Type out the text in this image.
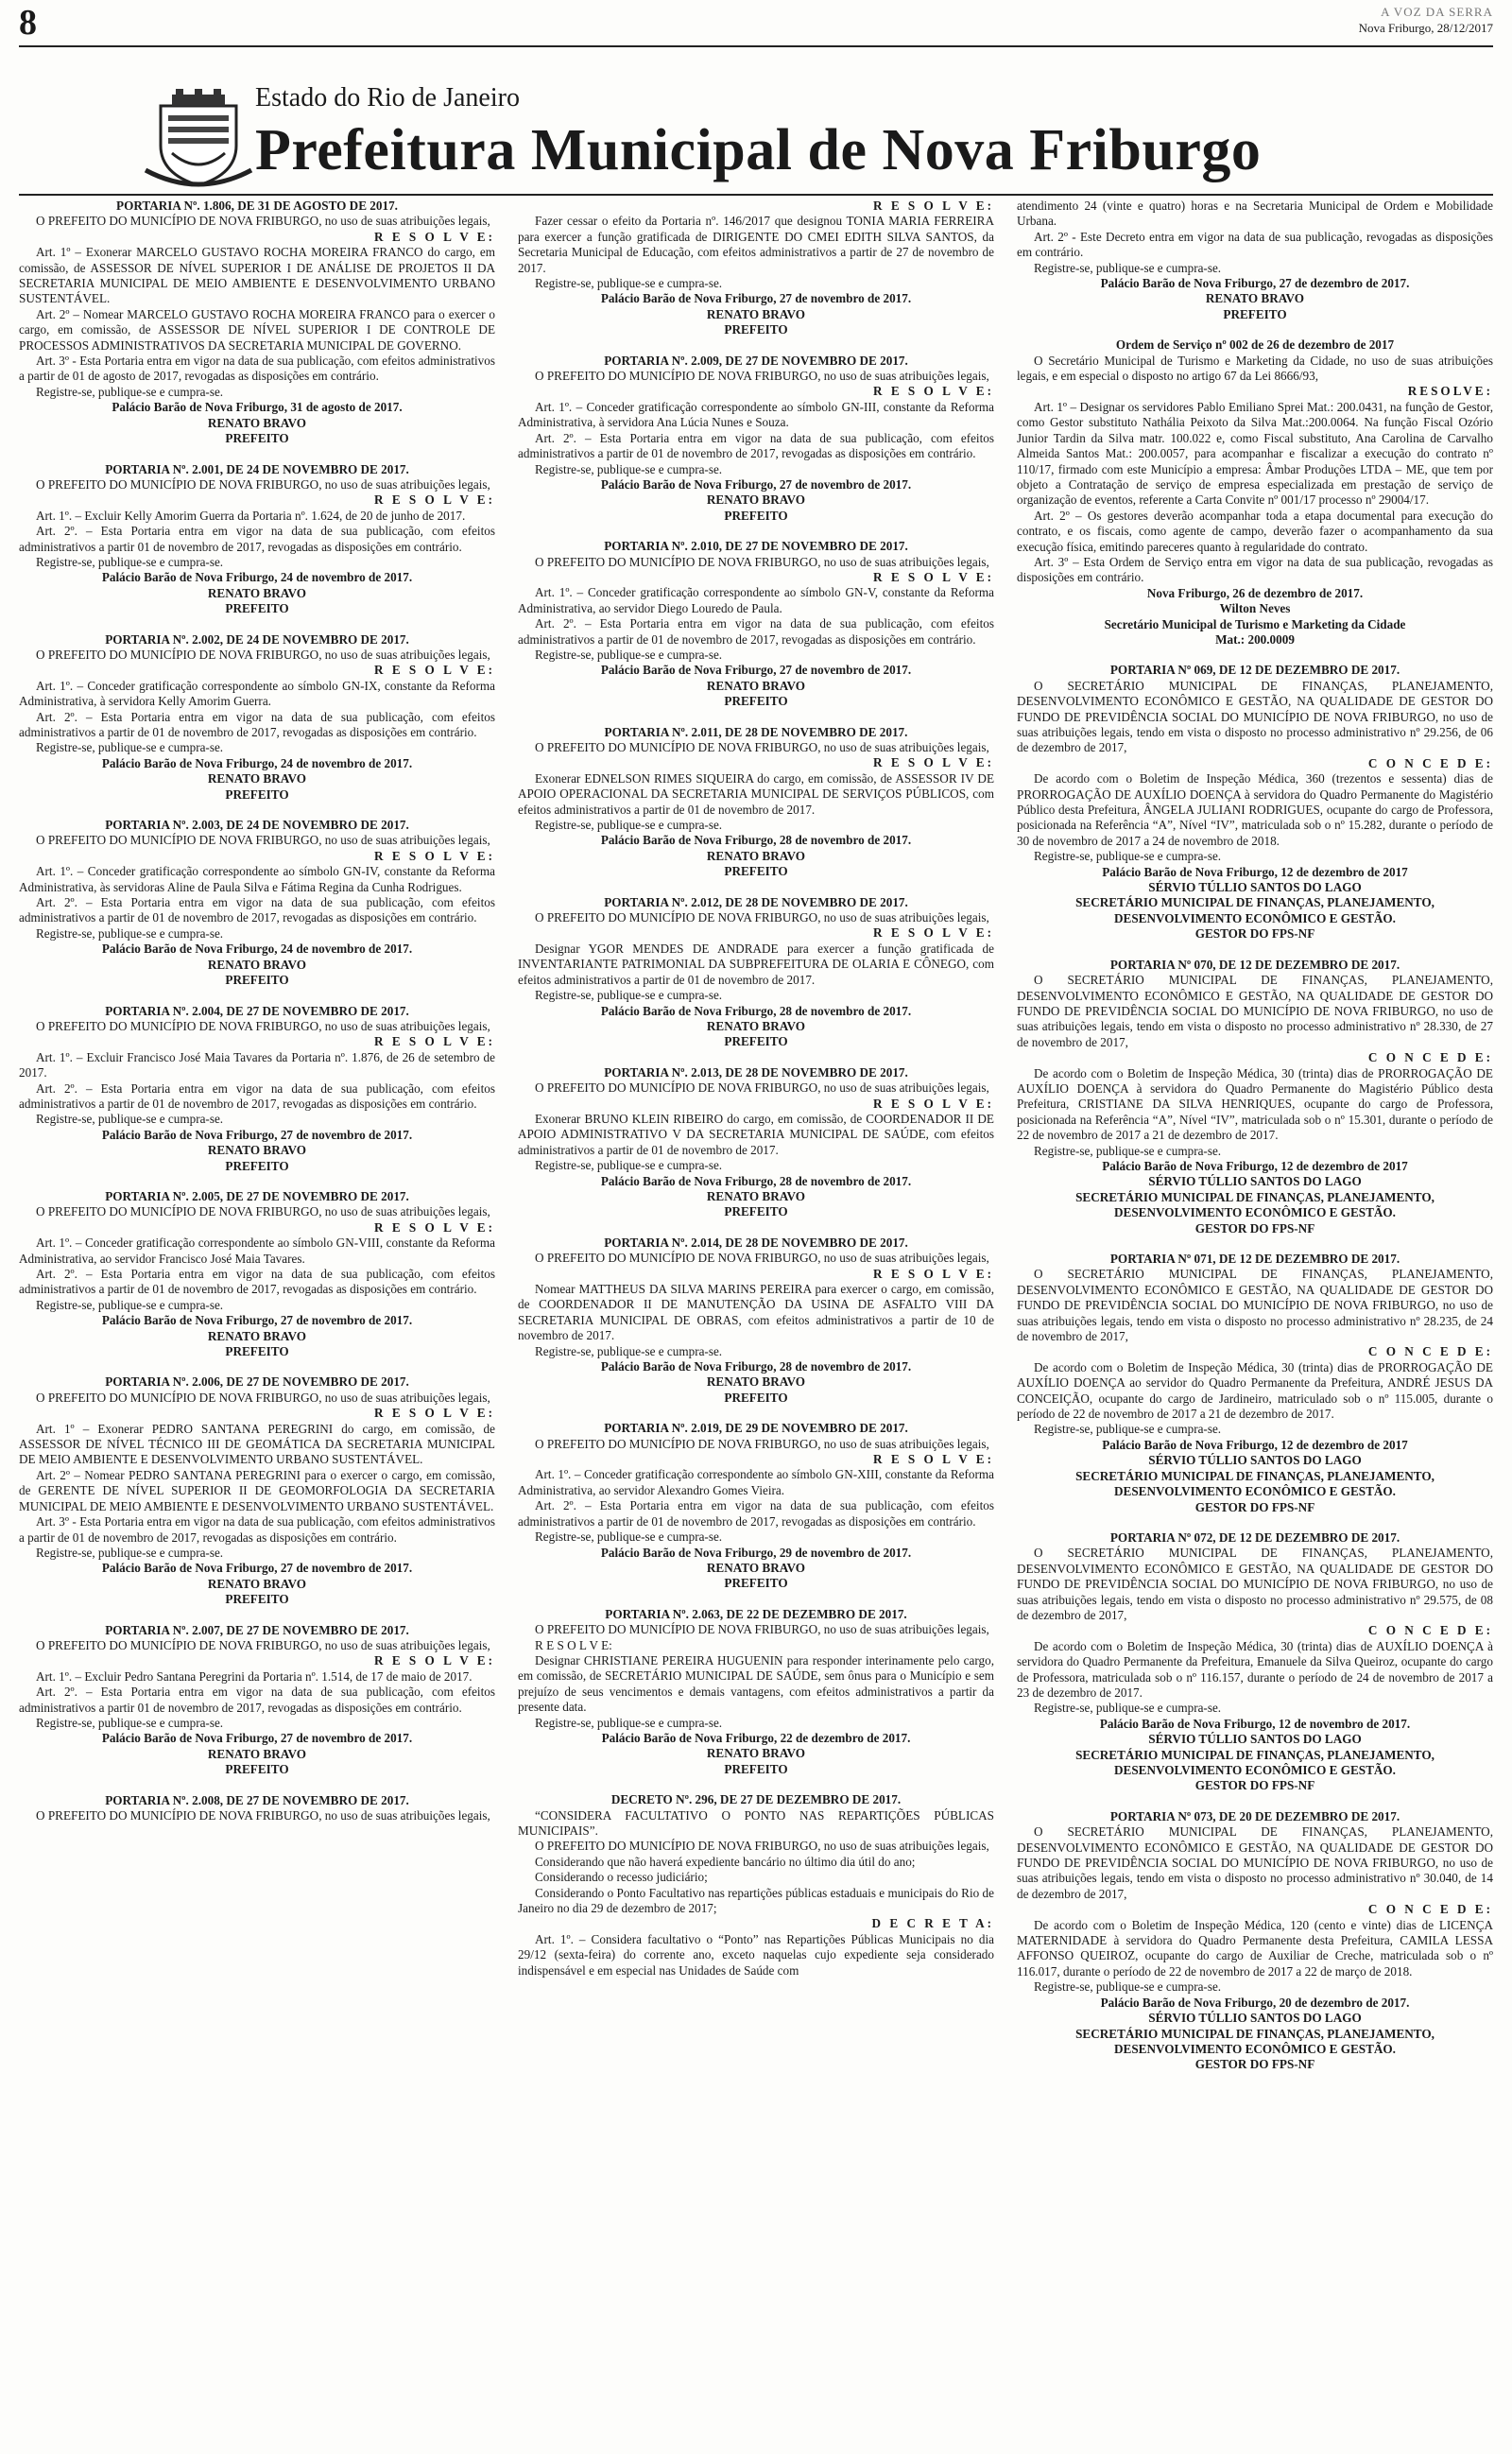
8	A VOZ DA SERRA
Nova Friburgo, 28/12/2017
Estado do Rio de Janeiro
Prefeitura Municipal de Nova Friburgo

PORTARIA Nº. 1.806, DE 31 DE AGOSTO DE 2017.

O PREFEITO DO MUNICÍPIO DE NOVA FRIBURGO, no uso de suas atribuições legais,

R E S O L V E:

Art. 1º – Exonerar MARCELO GUSTAVO ROCHA MOREIRA FRANCO do cargo, em comissão, de ASSESSOR DE NÍVEL SUPERIOR I DE ANÁLISE DE PROJETOS II DA SECRETARIA MUNICIPAL DE MEIO AMBIENTE E DESENVOLVIMENTO URBANO SUSTENTÁVEL.

Art. 2º – Nomear MARCELO GUSTAVO ROCHA MOREIRA FRANCO para o exercer o cargo, em comissão, de ASSESSOR DE NÍVEL SUPERIOR I DE CONTROLE DE PROCESSOS ADMINISTRATIVOS DA SECRETARIA MUNICIPAL DE GOVERNO.

Art. 3º - Esta Portaria entra em vigor na data de sua publicação, com efeitos administrativos a partir de 01 de agosto de 2017, revogadas as disposições em contrário.

Registre-se, publique-se e cumpra-se.

Palácio Barão de Nova Friburgo, 31 de agosto de 2017.

RENATO BRAVO

PREFEITO

PORTARIA Nº. 2.001, DE 24 DE NOVEMBRO DE 2017.

O PREFEITO DO MUNICÍPIO DE NOVA FRIBURGO, no uso de suas atribuições legais,

R E S O L V E:

Art. 1º. – Excluir Kelly Amorim Guerra da Portaria nº. 1.624, de 20 de junho de 2017.

Art. 2º. – Esta Portaria entra em vigor na data de sua publicação, com efeitos administrativos a partir 01 de novembro de 2017, revogadas as disposições em contrário.

Registre-se, publique-se e cumpra-se.

Palácio Barão de Nova Friburgo, 24 de novembro de 2017.

RENATO BRAVO

PREFEITO

PORTARIA Nº. 2.002, DE 24 DE NOVEMBRO DE 2017.

O PREFEITO DO MUNICÍPIO DE NOVA FRIBURGO, no uso de suas atribuições legais,

R E S O L V E:

Art. 1º. – Conceder gratificação correspondente ao símbolo GN-IX, constante da Reforma Administrativa, à servidora Kelly Amorim Guerra.

Art. 2º. – Esta Portaria entra em vigor na data de sua publicação, com efeitos administrativos a partir de 01 de novembro de 2017, revogadas as disposições em contrário.

Registre-se, publique-se e cumpra-se.

Palácio Barão de Nova Friburgo, 24 de novembro de 2017.

RENATO BRAVO

PREFEITO

PORTARIA Nº. 2.003, DE 24 DE NOVEMBRO DE 2017.

O PREFEITO DO MUNICÍPIO DE NOVA FRIBURGO, no uso de suas atribuições legais,

R E S O L V E:

Art. 1º. – Conceder gratificação correspondente ao símbolo GN-IV, constante da Reforma Administrativa, às servidoras Aline de Paula Silva e Fátima Regina da Cunha Rodrigues.

Art. 2º. – Esta Portaria entra em vigor na data de sua publicação, com efeitos administrativos a partir de 01 de novembro de 2017, revogadas as disposições em contrário.

Registre-se, publique-se e cumpra-se.

Palácio Barão de Nova Friburgo, 24 de novembro de 2017.

RENATO BRAVO

PREFEITO

PORTARIA Nº. 2.004, DE 27 DE NOVEMBRO DE 2017.

O PREFEITO DO MUNICÍPIO DE NOVA FRIBURGO, no uso de suas atribuições legais,

R E S O L V E:

Art. 1º. – Excluir Francisco José Maia Tavares da Portaria nº. 1.876, de 26 de setembro de 2017.

Art. 2º. – Esta Portaria entra em vigor na data de sua publicação, com efeitos administrativos a partir de 01 de novembro de 2017, revogadas as disposições em contrário.

Registre-se, publique-se e cumpra-se.

Palácio Barão de Nova Friburgo, 27 de novembro de 2017.

RENATO BRAVO

PREFEITO

PORTARIA Nº. 2.005, DE 27 DE NOVEMBRO DE 2017.

O PREFEITO DO MUNICÍPIO DE NOVA FRIBURGO, no uso de suas atribuições legais,

R E S O L V E:

Art. 1º. – Conceder gratificação correspondente ao símbolo GN-VIII, constante da Reforma Administrativa, ao servidor Francisco José Maia Tavares.

Art. 2º. – Esta Portaria entra em vigor na data de sua publicação, com efeitos administrativos a partir de 01 de novembro de 2017, revogadas as disposições em contrário.

Registre-se, publique-se e cumpra-se.

Palácio Barão de Nova Friburgo, 27 de novembro de 2017.

RENATO BRAVO

PREFEITO

PORTARIA Nº. 2.006, DE 27 DE NOVEMBRO DE 2017.

O PREFEITO DO MUNICÍPIO DE NOVA FRIBURGO, no uso de suas atribuições legais,

R E S O L V E:

Art. 1º – Exonerar PEDRO SANTANA PEREGRINI do cargo, em comissão, de ASSESSOR DE NÍVEL TÉCNICO III DE GEOMÁTICA DA SECRETARIA MUNICIPAL DE MEIO AMBIENTE E DESENVOLVIMENTO URBANO SUSTENTÁVEL.

Art. 2º – Nomear PEDRO SANTANA PEREGRINI para o exercer o cargo, em comissão, de GERENTE DE NÍVEL SUPERIOR II DE GEOMORFOLOGIA DA SECRETARIA MUNICIPAL DE MEIO AMBIENTE E DESENVOLVIMENTO URBANO SUSTENTÁVEL.

Art. 3º - Esta Portaria entra em vigor na data de sua publicação, com efeitos administrativos a partir de 01 de novembro de 2017, revogadas as disposições em contrário.

Registre-se, publique-se e cumpra-se.

Palácio Barão de Nova Friburgo, 27 de novembro de 2017.

RENATO BRAVO

PREFEITO

PORTARIA Nº. 2.007, DE 27 DE NOVEMBRO DE 2017.

O PREFEITO DO MUNICÍPIO DE NOVA FRIBURGO, no uso de suas atribuições legais,

R E S O L V E:

Art. 1º. – Excluir Pedro Santana Peregrini da Portaria nº. 1.514, de 17 de maio de 2017.

Art. 2º. – Esta Portaria entra em vigor na data de sua publicação, com efeitos administrativos a partir 01 de novembro de 2017, revogadas as disposições em contrário.

Registre-se, publique-se e cumpra-se.

Palácio Barão de Nova Friburgo, 27 de novembro de 2017.

RENATO BRAVO

PREFEITO

PORTARIA Nº. 2.008, DE 27 DE NOVEMBRO DE 2017.

O PREFEITO DO MUNICÍPIO DE NOVA FRIBURGO, no uso de suas atribuições legais,

R E S O L V E:

Fazer cessar o efeito da Portaria nº. 146/2017 que designou TONIA MARIA FERREIRA para exercer a função gratificada de DIRIGENTE DO CMEI EDITH SILVA SANTOS, da Secretaria Municipal de Educação, com efeitos administrativos a partir de 27 de novembro de 2017.

Registre-se, publique-se e cumpra-se.

Palácio Barão de Nova Friburgo, 27 de novembro de 2017.

RENATO BRAVO

PREFEITO

PORTARIA Nº. 2.009, DE 27 DE NOVEMBRO DE 2017.

O PREFEITO DO MUNICÍPIO DE NOVA FRIBURGO, no uso de suas atribuições legais,

R E S O L V E:

Art. 1º. – Conceder gratificação correspondente ao símbolo GN-III, constante da Reforma Administrativa, à servidora Ana Lúcia Nunes e Souza.

Art. 2º. – Esta Portaria entra em vigor na data de sua publicação, com efeitos administrativos a partir de 01 de novembro de 2017, revogadas as disposições em contrário.

Registre-se, publique-se e cumpra-se.

Palácio Barão de Nova Friburgo, 27 de novembro de 2017.

RENATO BRAVO

PREFEITO

PORTARIA Nº. 2.010, DE 27 DE NOVEMBRO DE 2017.

O PREFEITO DO MUNICÍPIO DE NOVA FRIBURGO, no uso de suas atribuições legais,

R E S O L V E:

Art. 1º. – Conceder gratificação correspondente ao símbolo GN-V, constante da Reforma Administrativa, ao servidor Diego Louredo de Paula.

Art. 2º. – Esta Portaria entra em vigor na data de sua publicação, com efeitos administrativos a partir de 01 de novembro de 2017, revogadas as disposições em contrário.

Registre-se, publique-se e cumpra-se.

Palácio Barão de Nova Friburgo, 27 de novembro de 2017.

RENATO BRAVO

PREFEITO

PORTARIA Nº. 2.011, DE 28 DE NOVEMBRO DE 2017.

O PREFEITO DO MUNICÍPIO DE NOVA FRIBURGO, no uso de suas atribuições legais,

R E S O L V E:

Exonerar EDNELSON RIMES SIQUEIRA do cargo, em comissão, de ASSESSOR IV DE APOIO OPERACIONAL DA SECRETARIA MUNICIPAL DE SERVIÇOS PÚBLICOS, com efeitos administrativos a partir de 01 de novembro de 2017.

Registre-se, publique-se e cumpra-se.

Palácio Barão de Nova Friburgo, 28 de novembro de 2017.

RENATO BRAVO

PREFEITO

PORTARIA Nº. 2.012, DE 28 DE NOVEMBRO DE 2017.

O PREFEITO DO MUNICÍPIO DE NOVA FRIBURGO, no uso de suas atribuições legais,

R E S O L V E:

Designar YGOR MENDES DE ANDRADE para exercer a função gratificada de INVENTARIANTE PATRIMONIAL DA SUBPREFEITURA DE OLARIA E CÔNEGO, com efeitos administrativos a partir de 01 de novembro de 2017.

Registre-se, publique-se e cumpra-se.

Palácio Barão de Nova Friburgo, 28 de novembro de 2017.

RENATO BRAVO

PREFEITO

PORTARIA Nº. 2.013, DE 28 DE NOVEMBRO DE 2017.

O PREFEITO DO MUNICÍPIO DE NOVA FRIBURGO, no uso de suas atribuições legais,

R E S O L V E:

Exonerar BRUNO KLEIN RIBEIRO do cargo, em comissão, de COORDENADOR II DE APOIO ADMINISTRATIVO V DA SECRETARIA MUNICIPAL DE SAÚDE, com efeitos administrativos a partir de 01 de novembro de 2017.

Registre-se, publique-se e cumpra-se.

Palácio Barão de Nova Friburgo, 28 de novembro de 2017.

RENATO BRAVO

PREFEITO

PORTARIA Nº. 2.014, DE 28 DE NOVEMBRO DE 2017.

O PREFEITO DO MUNICÍPIO DE NOVA FRIBURGO, no uso de suas atribuições legais,

R E S O L V E:

Nomear MATTHEUS DA SILVA MARINS PEREIRA para exercer o cargo, em comissão, de COORDENADOR II DE MANUTENÇÃO DA USINA DE ASFALTO VIII DA SECRETARIA MUNICIPAL DE OBRAS, com efeitos administrativos a partir de 10 de novembro de 2017.

Registre-se, publique-se e cumpra-se.

Palácio Barão de Nova Friburgo, 28 de novembro de 2017.

RENATO BRAVO

PREFEITO

PORTARIA Nº. 2.019, DE 29 DE NOVEMBRO DE 2017.

O PREFEITO DO MUNICÍPIO DE NOVA FRIBURGO, no uso de suas atribuições legais,

R E S O L V E:

Art. 1º. – Conceder gratificação correspondente ao símbolo GN-XIII, constante da Reforma Administrativa, ao servidor Alexandro Gomes Vieira.

Art. 2º. – Esta Portaria entra em vigor na data de sua publicação, com efeitos administrativos a partir de 01 de novembro de 2017, revogadas as disposições em contrário.

Registre-se, publique-se e cumpra-se.

Palácio Barão de Nova Friburgo, 29 de novembro de 2017.

RENATO BRAVO

PREFEITO

PORTARIA Nº. 2.063, DE 22 DE DEZEMBRO DE 2017.

O PREFEITO DO MUNICÍPIO DE NOVA FRIBURGO, no uso de suas atribuições legais,

R E S O L V E:

Designar CHRISTIANE PEREIRA HUGUENIN para responder interinamente pelo cargo, em comissão, de SECRETÁRIO MUNICIPAL DE SAÚDE, sem ônus para o Município e sem prejuízo de seus vencimentos e demais vantagens, com efeitos administrativos a partir da presente data.

Registre-se, publique-se e cumpra-se.

Palácio Barão de Nova Friburgo, 22 de dezembro de 2017.

RENATO BRAVO

PREFEITO

DECRETO Nº. 296, DE 27 DE DEZEMBRO DE 2017.

“CONSIDERA FACULTATIVO O PONTO NAS REPARTIÇÕES PÚBLICAS MUNICIPAIS”.

O PREFEITO DO MUNICÍPIO DE NOVA FRIBURGO, no uso de suas atribuições legais,

Considerando que não haverá expediente bancário no último dia útil do ano;

Considerando o recesso judiciário;

Considerando o Ponto Facultativo nas repartições públicas estaduais e municipais do Rio de Janeiro no dia 29 de dezembro de 2017;

D E C R E T A:

Art. 1º. – Considera facultativo o “Ponto” nas Repartições Públicas Municipais no dia 29/12 (sexta-feira) do corrente ano, exceto naquelas cujo expediente seja considerado indispensável e em especial nas Unidades de Saúde com

atendimento 24 (vinte e quatro) horas e na Secretaria Municipal de Ordem e Mobilidade Urbana.

Art. 2º - Este Decreto entra em vigor na data de sua publicação, revogadas as disposições em contrário.

Registre-se, publique-se e cumpra-se.

Palácio Barão de Nova Friburgo, 27 de dezembro de 2017.

RENATO BRAVO

PREFEITO

Ordem de Serviço nº 002 de 26 de dezembro de 2017

O Secretário Municipal de Turismo e Marketing da Cidade, no uso de suas atribuições legais, e em especial o disposto no artigo 67 da Lei 8666/93,

RESOLVE:

Art. 1º – Designar os servidores Pablo Emiliano Sprei Mat.: 200.0431, na função de Gestor, como Gestor substituto Nathália Peixoto da Silva Mat.:200.0064. Na função Fiscal Ozório Junior Tardin da Silva matr. 100.022 e, como Fiscal substituto, Ana Carolina de Carvalho Almeida Santos Mat.: 200.0057, para acompanhar e fiscalizar a execução do contrato nº 110/17, firmado com este Município a empresa: Âmbar Produções LTDA – ME, que tem por objeto a Contratação de serviço de empresa especializada em prestação de serviço de organização de eventos, referente a Carta Convite nº 001/17 processo nº 29004/17.

Art. 2º – Os gestores deverão acompanhar toda a etapa documental para execução do contrato, e os fiscais, como agente de campo, deverão fazer o acompanhamento da sua execução física, emitindo pareceres quanto à regularidade do contrato.

Art. 3º – Esta Ordem de Serviço entra em vigor na data de sua publicação, revogadas as disposições em contrário.

Nova Friburgo, 26 de dezembro de 2017.

Wilton Neves

Secretário Municipal de Turismo e Marketing da Cidade

Mat.: 200.0009

PORTARIA Nº 069, DE 12 DE DEZEMBRO DE 2017.

O SECRETÁRIO MUNICIPAL DE FINANÇAS, PLANEJAMENTO, DESENVOLVIMENTO ECONÔMICO E GESTÃO, NA QUALIDADE DE GESTOR DO FUNDO DE PREVIDÊNCIA SOCIAL DO MUNICÍPIO DE NOVA FRIBURGO, no uso de suas atribuições legais, tendo em vista o disposto no processo administrativo nº 29.256, de 06 de dezembro de 2017,

C O N C E D E:

De acordo com o Boletim de Inspeção Médica, 360 (trezentos e sessenta) dias de PRORROGAÇÃO DE AUXÍLIO DOENÇA à servidora do Quadro Permanente do Magistério Público desta Prefeitura, ÂNGELA JULIANI RODRIGUES, ocupante do cargo de Professora, posicionada na Referência “A”, Nível “IV”, matriculada sob o nº 15.282, durante o período de 30 de novembro de 2017 a 24 de novembro de 2018.

Registre-se, publique-se e cumpra-se.

Palácio Barão de Nova Friburgo, 12 de dezembro de 2017

SÉRVIO TÚLLIO SANTOS DO LAGO

SECRETÁRIO MUNICIPAL DE FINANÇAS, PLANEJAMENTO, DESENVOLVIMENTO ECONÔMICO E GESTÃO.

GESTOR DO FPS-NF

PORTARIA Nº 070, DE 12 DE DEZEMBRO DE 2017.

O SECRETÁRIO MUNICIPAL DE FINANÇAS, PLANEJAMENTO, DESENVOLVIMENTO ECONÔMICO E GESTÃO, NA QUALIDADE DE GESTOR DO FUNDO DE PREVIDÊNCIA SOCIAL DO MUNICÍPIO DE NOVA FRIBURGO, no uso de suas atribuições legais, tendo em vista o disposto no processo administrativo nº 28.330, de 27 de novembro de 2017,

C O N C E D E:

De acordo com o Boletim de Inspeção Médica, 30 (trinta) dias de PRORROGAÇÃO DE AUXÍLIO DOENÇA à servidora do Quadro Permanente do Magistério Público desta Prefeitura, CRISTIANE DA SILVA HENRIQUES, ocupante do cargo de Professora, posicionada na Referência “A”, Nível “IV”, matriculada sob o nº 15.301, durante o período de 22 de novembro de 2017 a 21 de dezembro de 2017.

Registre-se, publique-se e cumpra-se.

Palácio Barão de Nova Friburgo, 12 de dezembro de 2017

SÉRVIO TÚLLIO SANTOS DO LAGO

SECRETÁRIO MUNICIPAL DE FINANÇAS, PLANEJAMENTO, DESENVOLVIMENTO ECONÔMICO E GESTÃO.

GESTOR DO FPS-NF

PORTARIA Nº 071, DE 12 DE DEZEMBRO DE 2017.

O SECRETÁRIO MUNICIPAL DE FINANÇAS, PLANEJAMENTO, DESENVOLVIMENTO ECONÔMICO E GESTÃO, NA QUALIDADE DE GESTOR DO FUNDO DE PREVIDÊNCIA SOCIAL DO MUNICÍPIO DE NOVA FRIBURGO, no uso de suas atribuições legais, tendo em vista o disposto no processo administrativo nº 28.235, de 24 de novembro de 2017,

C O N C E D E:

De acordo com o Boletim de Inspeção Médica, 30 (trinta) dias de PRORROGAÇÃO DE AUXÍLIO DOENÇA ao servidor do Quadro Permanente da Prefeitura, ANDRÉ JESUS DA CONCEIÇÃO, ocupante do cargo de Jardineiro, matriculado sob o nº 115.005, durante o período de 22 de novembro de 2017 a 21 de dezembro de 2017.

Registre-se, publique-se e cumpra-se.

Palácio Barão de Nova Friburgo, 12 de dezembro de 2017

SÉRVIO TÚLLIO SANTOS DO LAGO

SECRETÁRIO MUNICIPAL DE FINANÇAS, PLANEJAMENTO, DESENVOLVIMENTO ECONÔMICO E GESTÃO.

GESTOR DO FPS-NF

PORTARIA Nº 072, DE 12 DE DEZEMBRO DE 2017.

O SECRETÁRIO MUNICIPAL DE FINANÇAS, PLANEJAMENTO, DESENVOLVIMENTO ECONÔMICO E GESTÃO, NA QUALIDADE DE GESTOR DO FUNDO DE PREVIDÊNCIA SOCIAL DO MUNICÍPIO DE NOVA FRIBURGO, no uso de suas atribuições legais, tendo em vista o disposto no processo administrativo nº 29.575, de 08 de dezembro de 2017,

C O N C E D E:

De acordo com o Boletim de Inspeção Médica, 30 (trinta) dias de AUXÍLIO DOENÇA à servidora do Quadro Permanente da Prefeitura, Emanuele da Silva Queiroz, ocupante do cargo de Professora, matriculada sob o nº 116.157, durante o período de 24 de novembro de 2017 a 23 de dezembro de 2017.

Registre-se, publique-se e cumpra-se.

Palácio Barão de Nova Friburgo, 12 de novembro de 2017.

SÉRVIO TÚLLIO SANTOS DO LAGO

SECRETÁRIO MUNICIPAL DE FINANÇAS, PLANEJAMENTO, DESENVOLVIMENTO ECONÔMICO E GESTÃO.

GESTOR DO FPS-NF

PORTARIA Nº 073, DE 20 DE DEZEMBRO DE 2017.

O SECRETÁRIO MUNICIPAL DE FINANÇAS, PLANEJAMENTO, DESENVOLVIMENTO ECONÔMICO E GESTÃO, NA QUALIDADE DE GESTOR DO FUNDO DE PREVIDÊNCIA SOCIAL DO MUNICÍPIO DE NOVA FRIBURGO, no uso de suas atribuições legais, tendo em vista o disposto no processo administrativo nº 30.040, de 14 de dezembro de 2017,

C O N C E D E:

De acordo com o Boletim de Inspeção Médica, 120 (cento e vinte) dias de LICENÇA MATERNIDADE à servidora do Quadro Permanente desta Prefeitura, CAMILA LESSA AFFONSO QUEIROZ, ocupante do cargo de Auxiliar de Creche, matriculada sob o nº 116.017, durante o período de 22 de novembro de 2017 a 22 de março de 2018.

Registre-se, publique-se e cumpra-se.

Palácio Barão de Nova Friburgo, 20 de dezembro de 2017.

SÉRVIO TÚLLIO SANTOS DO LAGO

SECRETÁRIO MUNICIPAL DE FINANÇAS, PLANEJAMENTO, DESENVOLVIMENTO ECONÔMICO E GESTÃO.

GESTOR DO FPS-NF
